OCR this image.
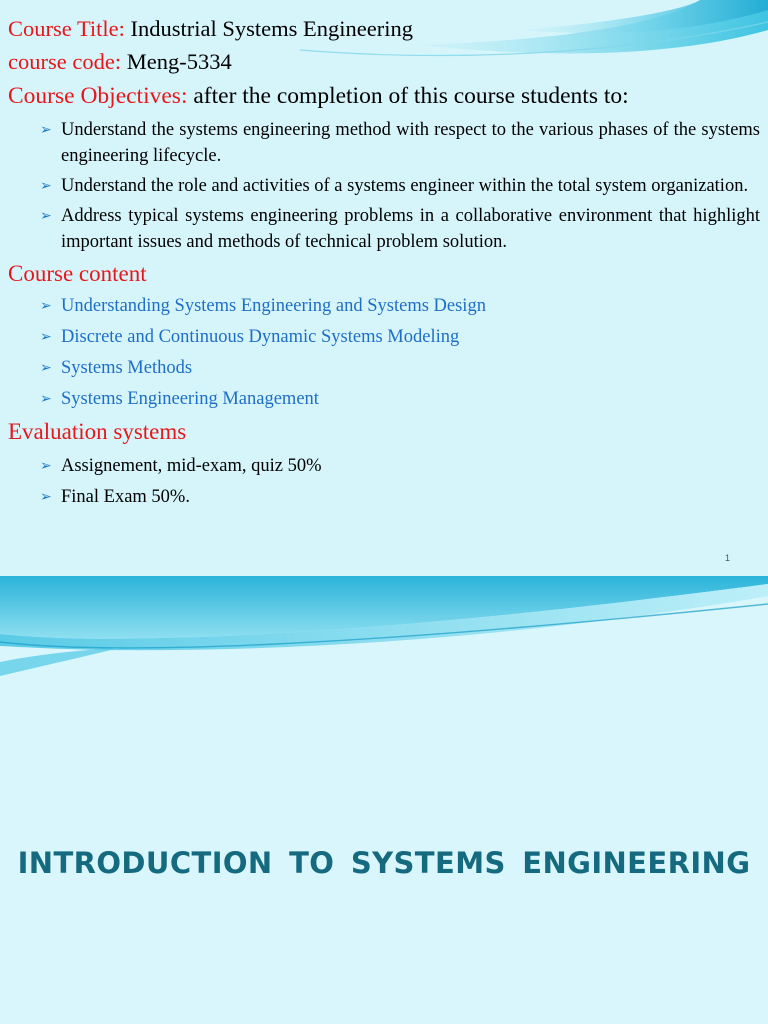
Course Title: Industrial Systems Engineering
course code: Meng-5334
Course Objectives: after the completion of this course students to:
➢ Understand the systems engineering method with respect to the various phases of the systems engineering lifecycle.
➢ Understand the role and activities of a systems engineer within the total system organization.
➢ Address typical systems engineering problems in a collaborative environment that highlight important issues and methods of technical problem solution.
Course content
➢ Understanding Systems Engineering and Systems Design
➢ Discrete and Continuous Dynamic Systems Modeling
➢ Systems Methods
➢ Systems Engineering Management
Evaluation systems
➢ Assignement, mid-exam, quiz 50%
➢ Final Exam 50%.
1
INTRODUCTION TO SYSTEMS ENGINEERING
